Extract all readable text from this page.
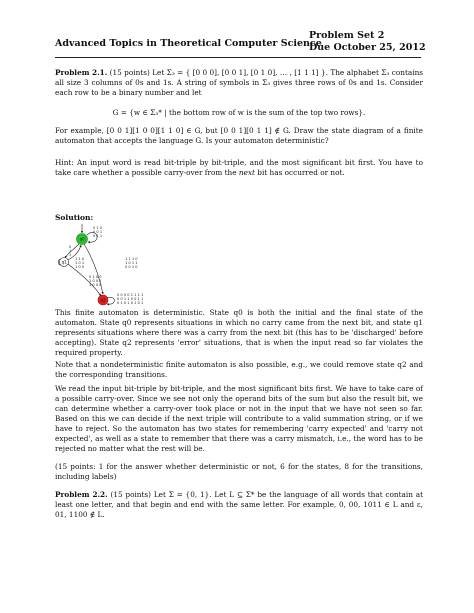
Advanced Topics in Theoretical Computer Science
Problem Set 2
Due October 25, 2012
Problem 2.1. (15 points) Let Σ₃ = { [0 0 0], [0 0 1], [0 1 0], … , [1 1 1] }. The alphabet Σ₃ contains all size 3 columns of 0s and 1s. A string of symbols in Σ₃ gives three rows of 0s and 1s. Consider each row to be a binary number and let
G = {w ∈ Σ₃* | the bottom row of w is the sum of the top two rows}.
For example, [0 0 1][1 0 0][1 1 0] ∈ G, but [0 0 1][0 1 1] ∉ G. Draw the state diagram of a finite automaton that accepts the language G. Is your automaton deterministic?
Hint: An input word is read bit-triple by bit-triple, and the most significant bit first. You have to take care whether a possible carry-over from the next bit has occurred or not.
Solution:
q0
q1
q2
0 1 0
0 0 1
0 1 1
0
1
1
1 1 0
1 0 1
1 0 0
1 1 1 0
1 0 1 1
0 0 1 0
0 1 0 0
1 0 0 1
1 0 0 0
0 0 0 0 1 1 1 1
0 0 1 1 0 0 1 1
0 1 0 1 0 1 0 1
This finite automaton is deterministic. State q0 is both the initial and the final state of the automaton. State q0 represents situations in which no carry came from the next bit, and state q1 represents situations where there was a carry from the next bit (this has to be 'discharged' before accepting). State q2 represents 'error' situations, that is when the input read so far violates the required property.
Note that a nondeterministic finite automaton is also possible, e.g., we could remove state q2 and the corresponding transitions.
We read the input bit-triple by bit-triple, and the most significant bits first. We have to take care of a possible carry-over. Since we see not only the operand bits of the sum but also the result bit, we can determine whether a carry-over took place or not in the input that we have not seen so far. Based on this we can decide if the next triple will contribute to a valid summation string, or if we have to reject. So the automaton has two states for remembering 'carry expected' and 'carry not expected', as well as a state to remember that there was a carry mismatch, i.e., the word has to be rejected no matter what the rest will be.
(15 points: 1 for the answer whether deterministic or not, 6 for the states, 8 for the transitions, including labels)
Problem 2.2. (15 points) Let Σ = {0, 1}. Let L ⊆ Σ* be the language of all words that contain at least one letter, and that begin and end with the same letter. For example, 0, 00, 1011 ∈ L and ε, 01, 1100 ∉ L.
